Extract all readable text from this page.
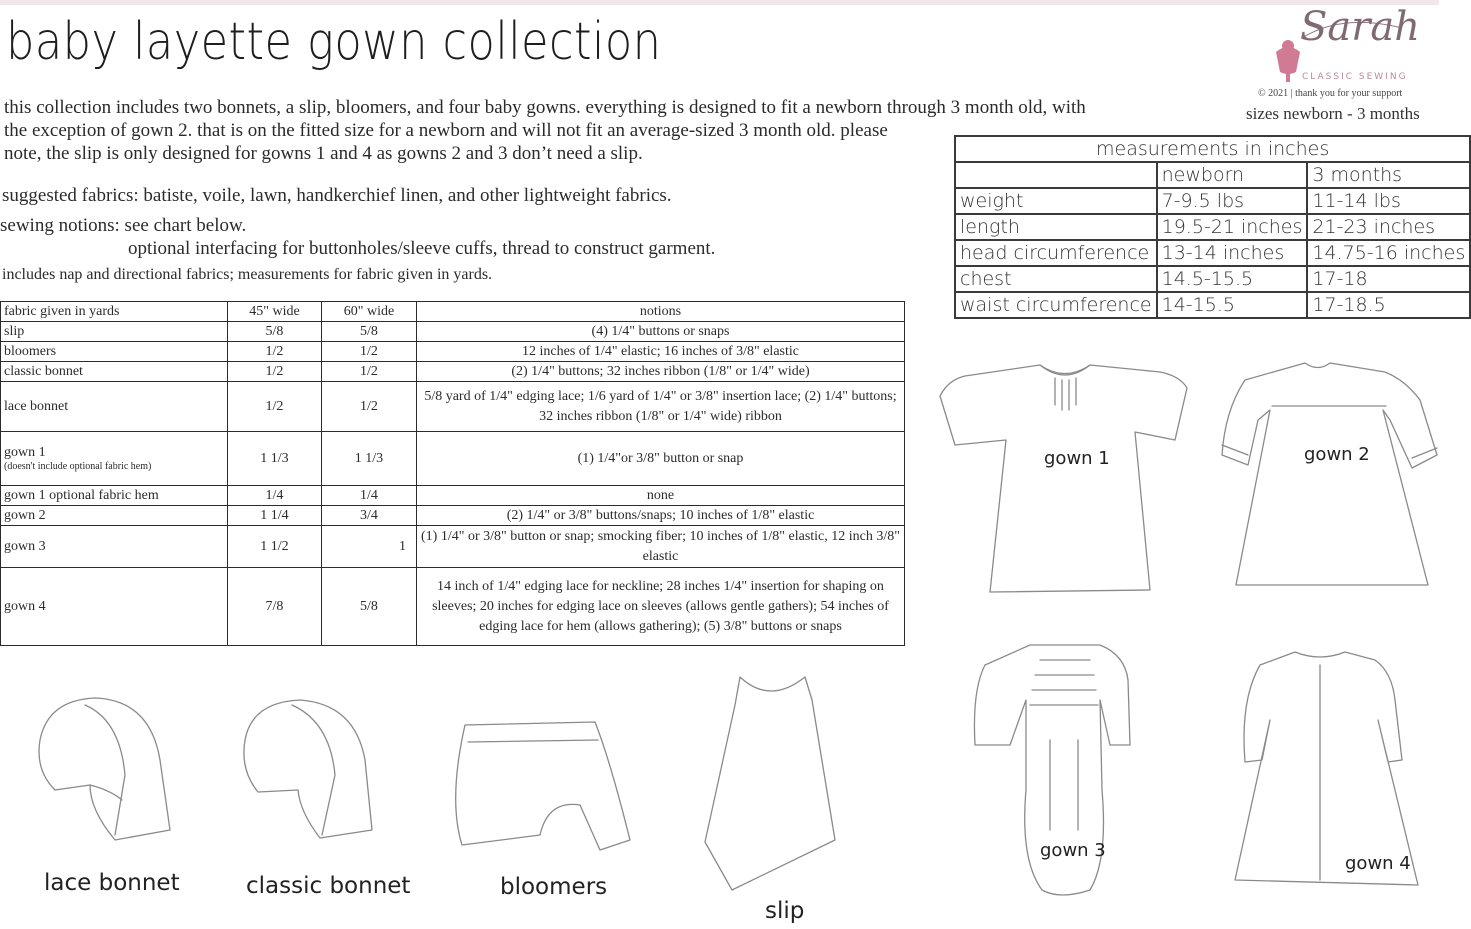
baby layette gown collection
this collection includes two bonnets, a slip, bloomers, and four baby gowns. everything is designed to fit a newborn through 3 month old, with
the exception of gown 2. that is on the fitted size for a newborn and will not fit an average-sized 3 month old. please
note, the slip is only designed for gowns 1 and 4 as gowns 2 and 3 don’t need a slip.
suggested fabrics: batiste, voile, lawn, handkerchief linen, and other lightweight fabrics.
sewing notions: see chart below.
optional interfacing for buttonholes/sleeve cuffs, thread to construct garment.
includes nap and directional fabrics; measurements for fabric given in yards.
fabric given in yards	45" wide	60" wide	notions
slip	5/8	5/8	(4) 1/4" buttons or snaps
bloomers	1/2	1/2	12 inches of 1/4" elastic; 16 inches of 3/8" elastic
classic bonnet	1/2	1/2	(2) 1/4" buttons; 32 inches ribbon (1/8" or 1/4" wide)
lace bonnet	1/2	1/2	5/8 yard of 1/4" edging lace; 1/6 yard of 1/4" or 3/8" insertion lace; (2) 1/4" buttons; 32 inches ribbon (1/8" or 1/4" wide) ribbon
gown 1
(doesn't include optional fabric hem)	1 1/3	1 1/3	(1) 1/4"or 3/8" button or snap
gown 1 optional fabric hem	1/4	1/4	none
gown 2	1 1/4	3/4	(2) 1/4" or 3/8" buttons/snaps; 10 inches of 1/8" elastic
gown 3	1 1/2	1	(1) 1/4" or 3/8" button or snap; smocking fiber; 10 inches of 1/8" elastic, 12 inch 3/8" elastic
gown 4	7/8	5/8	14 inch of 1/4" edging lace for neckline; 28 inches 1/4" insertion for shaping on sleeves; 20 inches for edging lace on sleeves (allows gentle gathers); 54 inches of edging lace for hem (allows gathering); (5) 3/8" buttons or snaps
Sarah
CLASSIC SEWING
© 2021 | thank you for your support
sizes newborn - 3 months
measurements in inches		
	newborn	3 months
weight	7-9.5 lbs	11-14 lbs
length	19.5-21 inches	21-23 inches
head circumference	13-14 inches	14.75-16 inches
chest	14.5-15.5	17-18
waist circumference	14-15.5	17-18.5
gown 1	gown 2
gown 3
gown 4
lace bonnet	classic bonnet	bloomers
slip
